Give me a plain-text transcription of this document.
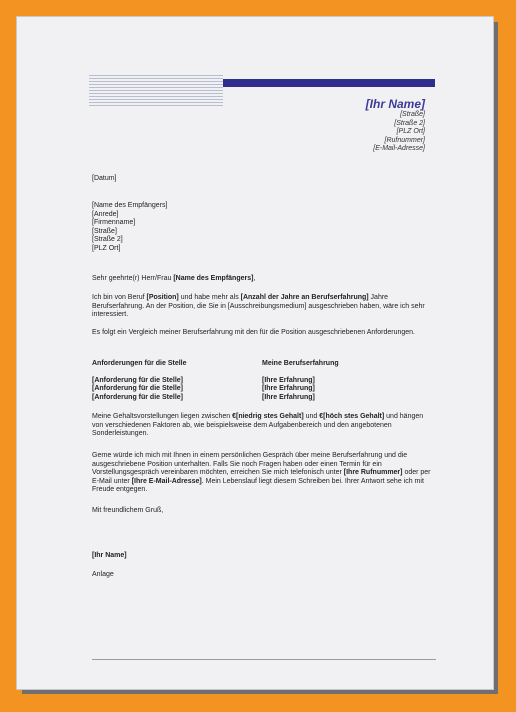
[Ihr Name]
[Straße]
[Straße 2]
[PLZ Ort]
[Rufnummer]
[E-Mail-Adresse]
[Datum]

[Name des Empfängers]

[Anrede]

[Firmenname]

[Straße]

[Straße 2]

[PLZ Ort]

Sehr geehrte(r) Herr/Frau [Name des Empfängers],
Ich bin von Beruf [Position] und habe mehr als [Anzahl der Jahre an Berufserfahrung] Jahre Berufserfahrung. An der Position, die Sie in [Ausschreibungsmedium] ausgeschrieben haben, wäre ich sehr interessiert.
Es folgt ein Vergleich meiner Berufserfahrung mit den für die Position ausgeschriebenen Anforderungen.
Anforderungen für die Stelle	Meine Berufserfahrung
[Anforderung für die Stelle]	[Ihre Erfahrung]
[Anforderung für die Stelle]	[Ihre Erfahrung]
[Anforderung für die Stelle]	[Ihre Erfahrung]
Meine Gehaltsvorstellungen liegen zwischen €[niedrig stes Gehalt] und €[höch stes Gehalt] und hängen von verschiedenen Faktoren ab, wie beispielsweise dem Aufgabenbereich und den angebotenen Sonderleistungen.
Gerne würde ich mich mit Ihnen in einem persönlichen Gespräch über meine Berufserfahrung und die ausgeschriebene Position unterhalten. Falls Sie noch Fragen haben oder einen Termin für ein Vorstellungsgespräch vereinbaren möchten, erreichen Sie mich telefonisch unter [Ihre Rufnummer] oder per E-Mail unter [Ihre E-Mail-Adresse]. Mein Lebenslauf liegt diesem Schreiben bei. Ihrer Antwort sehe ich mit Freude entgegen.
Mit freundlichem Gruß,
[Ihr Name]
Anlage
